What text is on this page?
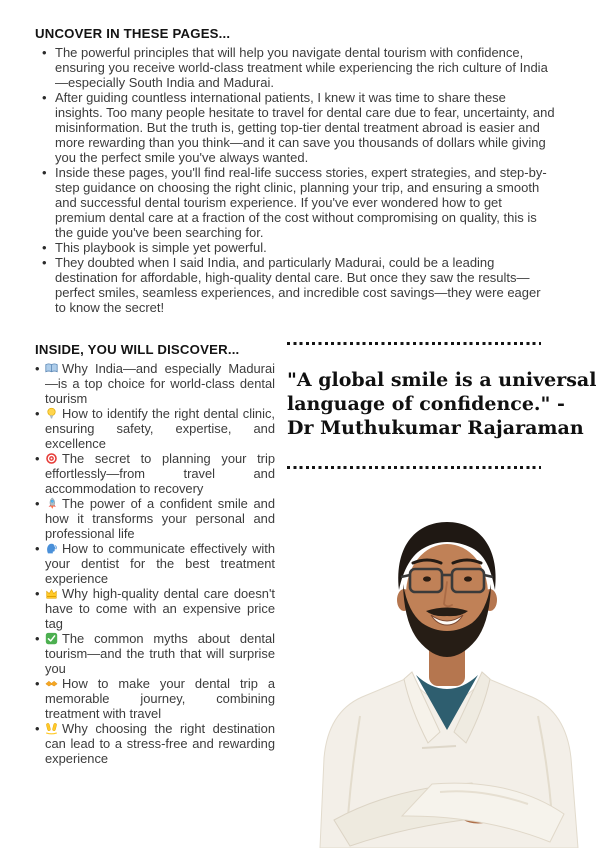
UNCOVER IN THESE PAGES...
• The powerful principles that will help you navigate dental tourism with confidence, ensuring you receive world-class treatment while experiencing the rich culture of India—especially South India and Madurai.
• After guiding countless international patients, I knew it was time to share these insights. Too many people hesitate to travel for dental care due to fear, uncertainty, and misinformation. But the truth is, getting top-tier dental treatment abroad is easier and more rewarding than you think—and it can save you thousands of dollars while giving you the perfect smile you've always wanted.
• Inside these pages, you'll find real-life success stories, expert strategies, and step-by-step guidance on choosing the right clinic, planning your trip, and ensuring a smooth and successful dental tourism experience. If you've ever wondered how to get premium dental care at a fraction of the cost without compromising on quality, this is the guide you've been searching for.
• This playbook is simple yet powerful.
• They doubted when I said India, and particularly Madurai, could be a leading destination for affordable, high-quality dental care. But once they saw the results—perfect smiles, seamless experiences, and incredible cost savings—they were eager to know the secret!
INSIDE, YOU WILL DISCOVER...
• Why India—and especially Madurai—is a top choice for world-class dental tourism
• How to identify the right dental clinic, ensuring safety, expertise, and excellence
• The secret to planning your trip effortlessly—from travel and accommodation to recovery
• The power of a confident smile and how it transforms your personal and professional life
• How to communicate effectively with your dentist for the best treatment experience
• Why high-quality dental care doesn't have to come with an expensive price tag
• The common myths about dental tourism—and the truth that will surprise you
• How to make your dental trip a memorable journey, combining treatment with travel
• Why choosing the right destination can lead to a stress-free and rewarding experience
"A global smile is a universal
language of confidence." -
Dr Muthukumar Rajaraman
